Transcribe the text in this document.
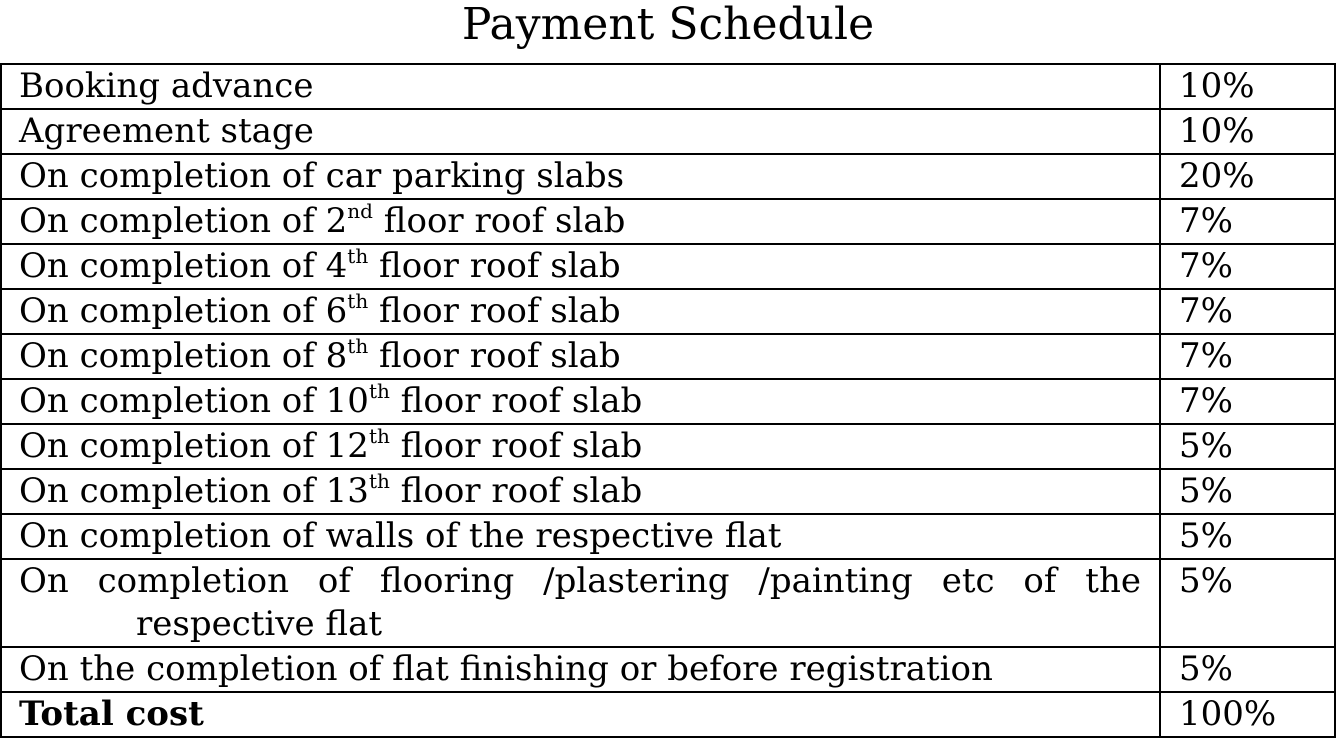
Payment Schedule
Booking advance	10%
Agreement stage	10%
On completion of car parking slabs	20%
On completion of 2nd floor roof slab	7%
On completion of 4th floor roof slab	7%
On completion of 6th floor roof slab	7%
On completion of 8th floor roof slab	7%
On completion of 10th floor roof slab	7%
On completion of 12th floor roof slab	5%
On completion of 13th floor roof slab	5%
On completion of walls of the respective flat	5%

On completion of flooring /plastering /painting etc of the
respective flat	5%
On the completion of flat finishing or before registration	5%
Total cost	100%
